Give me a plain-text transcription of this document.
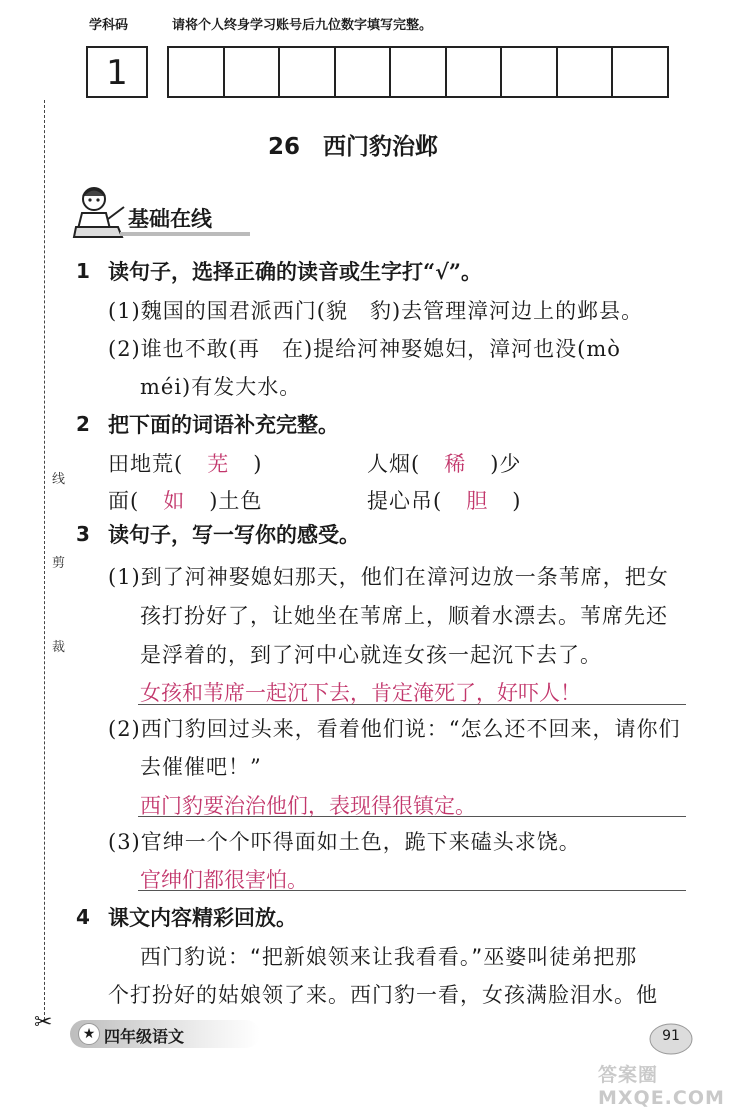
学科码	请将个人终身学习账号后九位数字填写完整。
1
线
剪
裁
✂
26　西门豹治邺
基础在线
1 读句子，选择正确的读音或生字打“√”。
(1)魏国的国君派西门(貌　豹)去管理漳河边上的邺县。
(2)谁也不敢(再　在)提给河神娶媳妇，漳河也没(mò
méi)有发大水。
2 把下面的词语补充完整。
田地荒( 芜 )	人烟( 稀 )少
面( 如 )土色	提心吊( 胆 )
3 读句子，写一写你的感受。
(1)到了河神娶媳妇那天，他们在漳河边放一条苇席，把女
孩打扮好了，让她坐在苇席上，顺着水漂去。苇席先还
是浮着的，到了河中心就连女孩一起沉下去了。
女孩和苇席一起沉下去，肯定淹死了，好吓人！
(2)西门豹回过头来，看着他们说：“怎么还不回来，请你们
去催催吧！”
西门豹要治治他们，表现得很镇定。
(3)官绅一个个吓得面如土色，跪下来磕头求饶。
官绅们都很害怕。
4 课文内容精彩回放。
西门豹说：“把新娘领来让我看看。”巫婆叫徒弟把那
个打扮好的姑娘领了来。西门豹一看，女孩满脸泪水。他
★ 四年级语文	91
答案圈 MXQE.COM
